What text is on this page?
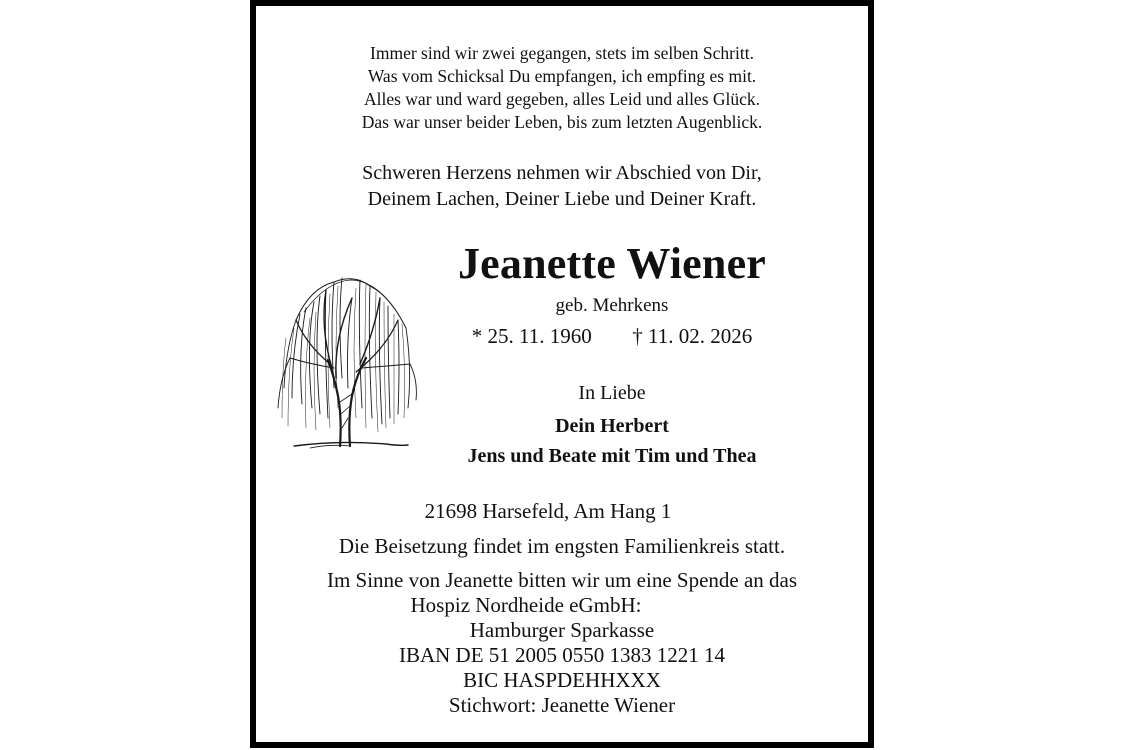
Immer sind wir zwei gegangen, stets im selben Schritt.
Was vom Schicksal Du empfangen, ich empfing es mit.
Alles war und ward gegeben, alles Leid und alles Glück.
Das war unser beider Leben, bis zum letzten Augenblick.
Schweren Herzens nehmen wir Abschied von Dir,
Deinem Lachen, Deiner Liebe und Deiner Kraft.
Jeanette Wiener
geb. Mehrkens
* 25. 11. 1960 † 11. 02. 2026
In Liebe
Dein Herbert
Jens und Beate mit Tim und Thea
21698 Harsefeld, Am Hang 1
Die Beisetzung findet im engsten Familienkreis statt.
Im Sinne von Jeanette bitten wir um eine Spende an das
Hospiz Nordheide eGmbH:
Hamburger Sparkasse
IBAN DE 51 2005 0550 1383 1221 14
BIC HASPDEHHXXX
Stichwort: Jeanette Wiener
